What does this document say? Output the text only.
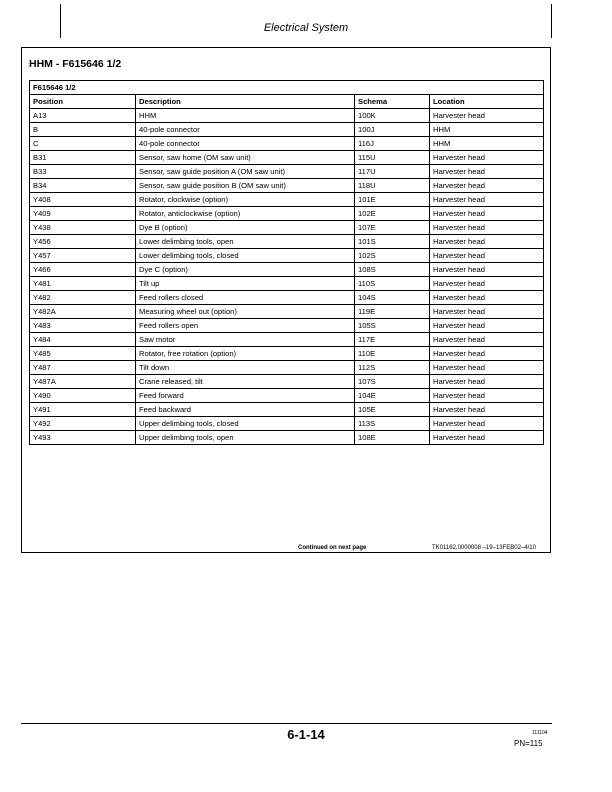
Electrical System
HHM - F615646 1/2
F615646 1/2			
Position	Description	Schema	Location
A13	HHM	100K	Harvester head
B	40-pole connector	100J	HHM
C	40-pole connector	116J	HHM
B31	Sensor, saw home (OM saw unit)	115U	Harvester head
B33	Sensor, saw guide position A (OM saw unit)	117U	Harvester head
B34	Sensor, saw guide position B (OM saw unit)	118U	Harvester head
Y408	Rotator, clockwise (option)	101E	Harvester head
Y409	Rotator, anticlockwise (option)	102E	Harvester head
Y438	Dye B (option)	107E	Harvester head
Y456	Lower delimbing tools, open	101S	Harvester head
Y457	Lower delimbing tools, closed	102S	Harvester head
Y466	Dye C (option)	108S	Harvester head
Y481	Tilt up	110S	Harvester head
Y482	Feed rollers closed	104S	Harvester head
Y482A	Measuring wheel out (option)	119E	Harvester head
Y483	Feed rollers open	105S	Harvester head
Y484	Saw motor	117E	Harvester head
Y485	Rotator, free rotation (option)	110E	Harvester head
Y487	Tilt down	112S	Harvester head
Y487A	Crane released, tilt	107S	Harvester head
Y490	Feed forward	104E	Harvester head
Y491	Feed backward	105E	Harvester head
Y492	Upper delimbing tools, closed	113S	Harvester head
Y493	Upper delimbing tools, open	108E	Harvester head
Continued on next page	TK01162,0000008 –19–13FEB02–4/10
6-1-14	111104
PN=115
